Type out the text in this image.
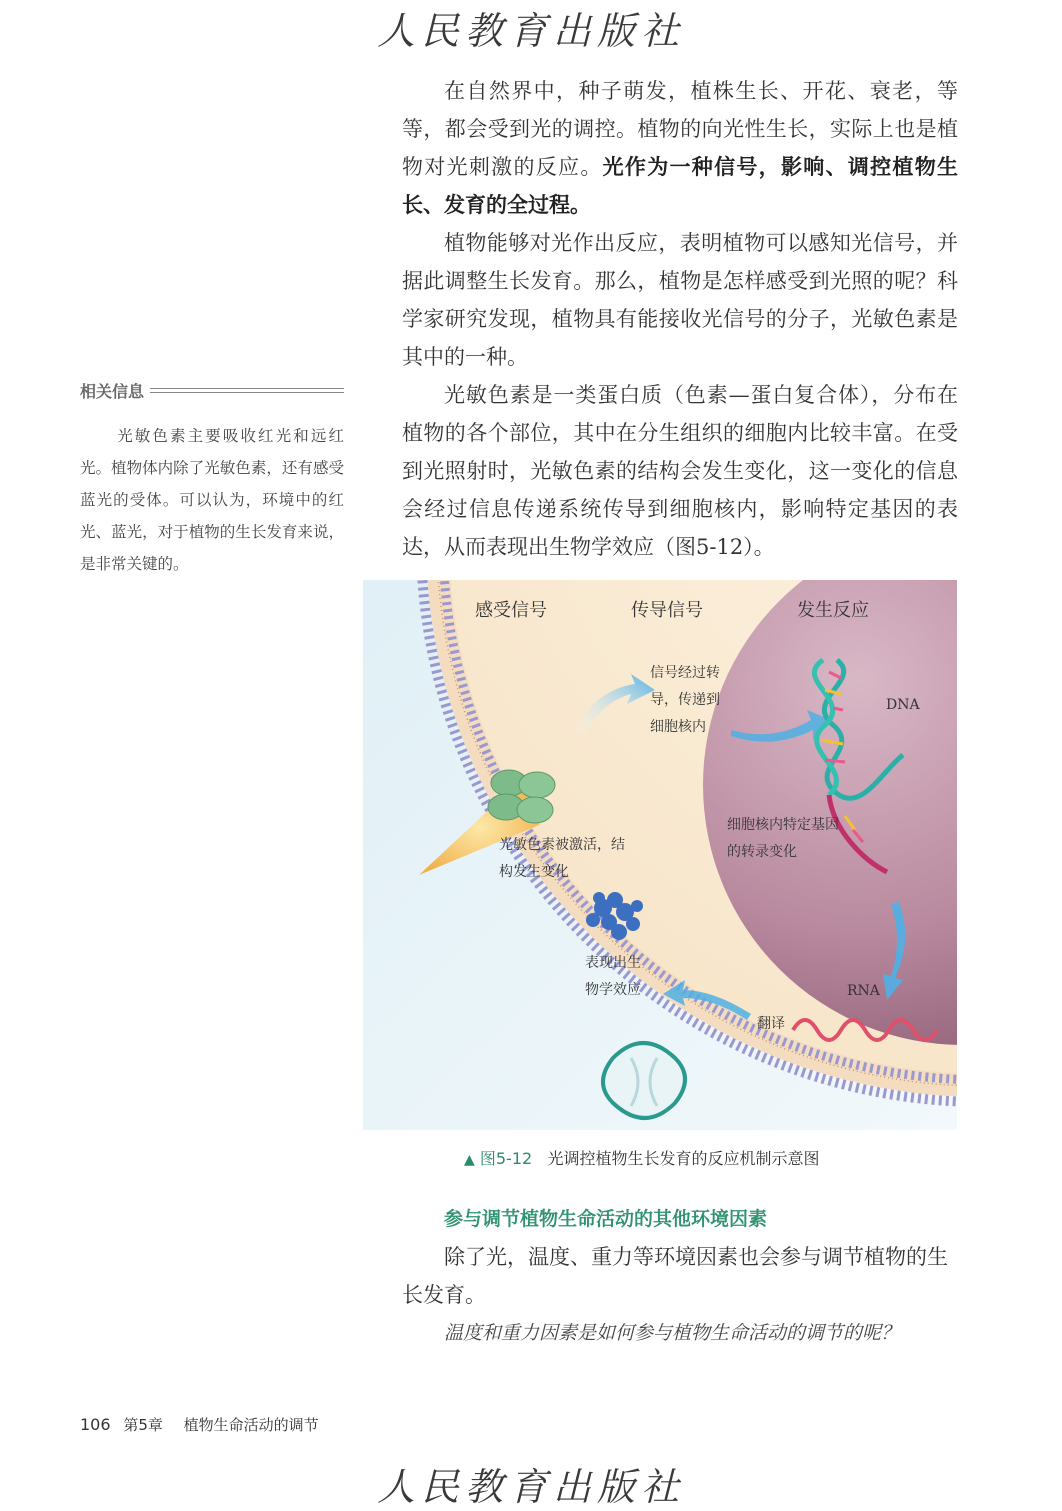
人民教育出版社

在自然界中，种子萌发，植株生长、开花、衰老，等等，都会受到光的调控。植物的向光性生长，实际上也是植物对光刺激的反应。光作为一种信号，影响、调控植物生长、发育的全过程。

植物能够对光作出反应，表明植物可以感知光信号，并据此调整生长发育。那么，植物是怎样感受到光照的呢？科学家研究发现，植物具有能接收光信号的分子，光敏色素是其中的一种。

光敏色素是一类蛋白质（色素—蛋白复合体），分布在植物的各个部位，其中在分生组织的细胞内比较丰富。在受到光照射时，光敏色素的结构会发生变化，这一变化的信息会经过信息传递系统传导到细胞核内，影响特定基因的表达，从而表现出生物学效应（图5-12）。

相关信息

光敏色素主要吸收红光和远红光。植物体内除了光敏色素，还有感受蓝光的受体。可以认为，环境中的红光、蓝光，对于植物的生长发育来说，是非常关键的。

感受信号	传导信号	发生反应
信号经过转导，传递到细胞核内
DNA
光敏色素被激活，结构发生变化
细胞核内特定基因的转录变化
表现出生物学效应	RNA
翻译
▲ 图5-12 光调控植物生长发育的反应机制示意图
参与调节植物生命活动的其他环境因素

除了光，温度、重力等环境因素也会参与调节植物的生长发育。

温度和重力因素是如何参与植物生命活动的调节的呢？
106 第5章 植物生命活动的调节
人民教育出版社
